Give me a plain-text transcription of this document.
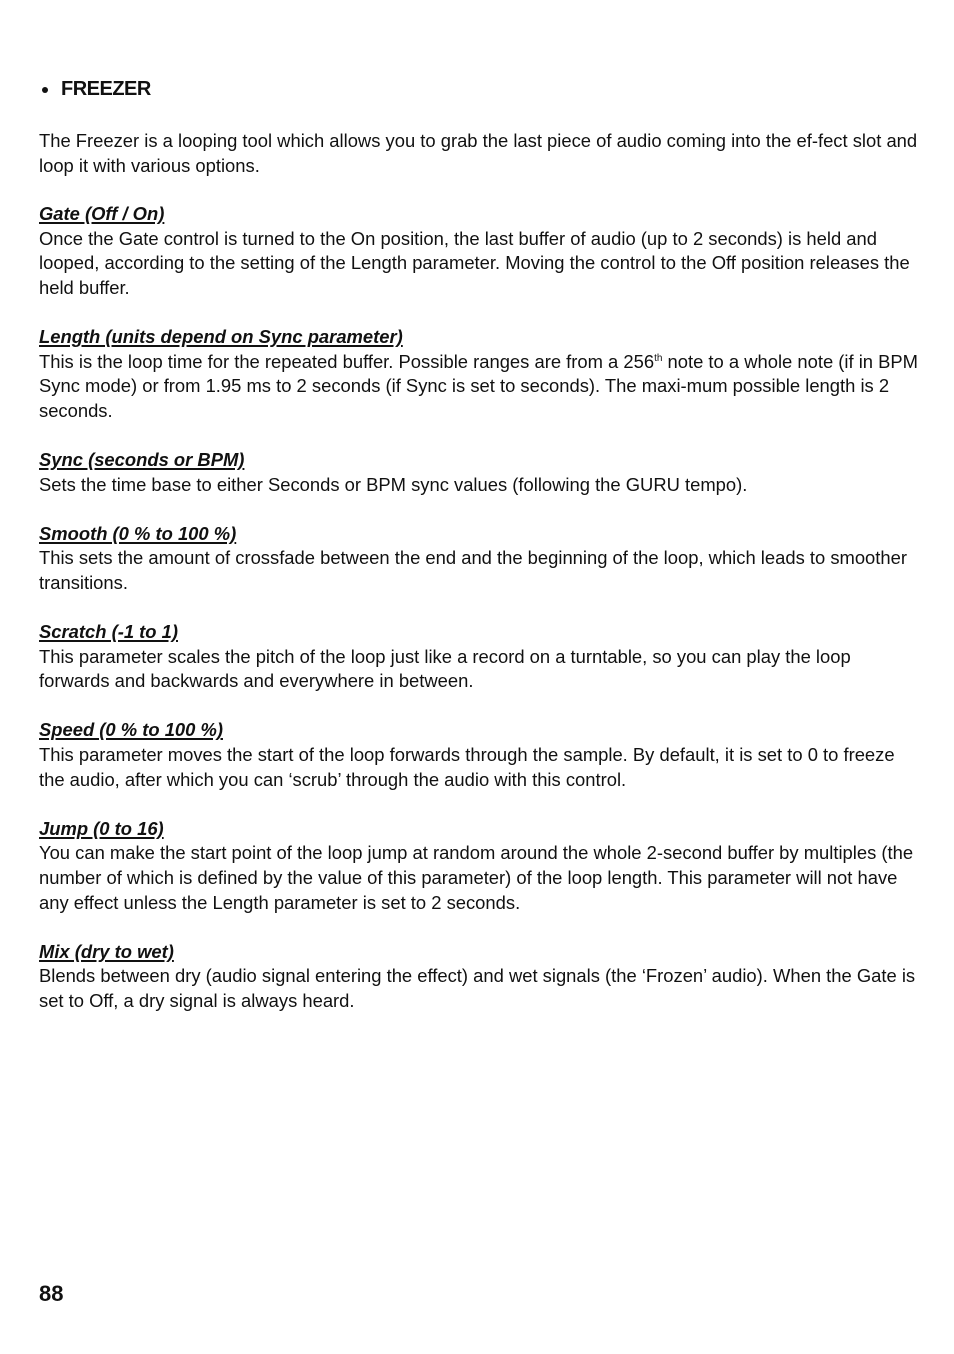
FREEZER

The Freezer is a looping tool which allows you to grab the last piece of audio coming into the ef-fect slot and loop it with various options.

Gate (Off / On)

Once the Gate control is turned to the On position, the last buffer of audio (up to 2 seconds) is held and looped, according to the setting of the Length parameter. Moving the control to the Off position releases the held buffer.

Length (units depend on Sync parameter)

This is the loop time for the repeated buffer. Possible ranges are from a 256th note to a whole note (if in BPM Sync mode) or from 1.95 ms to 2 seconds (if Sync is set to seconds). The maxi-mum possible length is 2 seconds.

Sync (seconds or BPM)

Sets the time base to either Seconds or BPM sync values (following the GURU tempo).

Smooth (0 % to 100 %)

This sets the amount of crossfade between the end and the beginning of the loop, which leads to smoother transitions.

Scratch (-1 to 1)

This parameter scales the pitch of the loop just like a record on a turntable, so you can play the loop forwards and backwards and everywhere in between.

Speed (0 % to 100 %)

This parameter moves the start of the loop forwards through the sample. By default, it is set to 0 to freeze the audio, after which you can ‘scrub’ through the audio with this control.

Jump (0 to 16)

You can make the start point of the loop jump at random around the whole 2-second buffer by multiples (the number of which is defined by the value of this parameter) of the loop length. This parameter will not have any effect unless the Length parameter is set to 2 seconds.

Mix (dry to wet)

Blends between dry (audio signal entering the effect) and wet signals (the ‘Frozen’ audio). When the Gate is set to Off, a dry signal is always heard.

88
